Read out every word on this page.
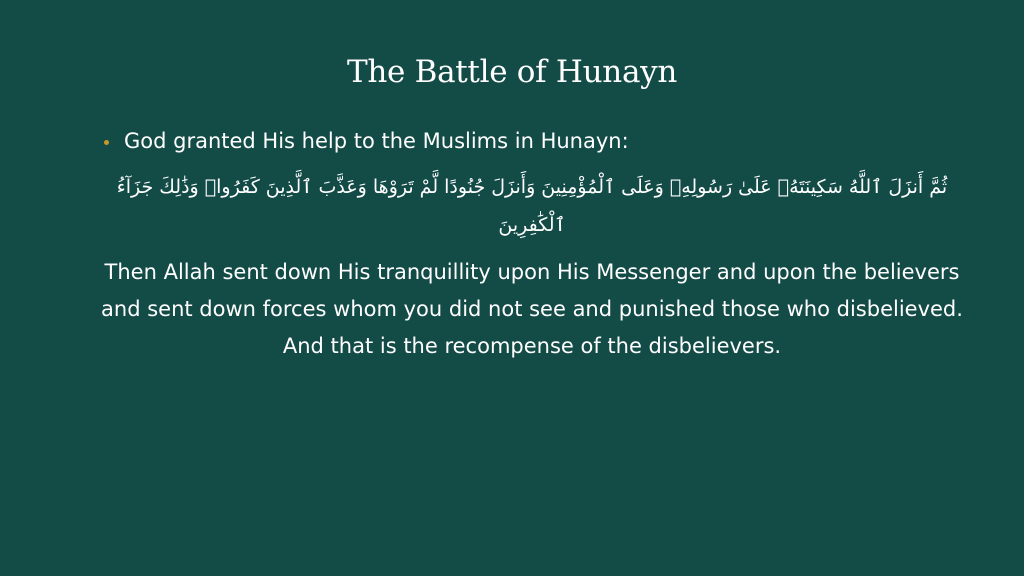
The Battle of Hunayn
God granted His help to the Muslims in Hunayn:
ثُمَّ أَنزَلَ ٱللَّهُ سَكِينَتَهُۥ عَلَىٰ رَسُولِهِۦ وَعَلَى ٱلْمُؤْمِنِينَ وَأَنزَلَ جُنُودًا لَّمْ تَرَوْهَا وَعَذَّبَ ٱلَّذِينَ كَفَرُوا۟ وَذَٰلِكَ جَزَآءُ ٱلْكَٰفِرِينَ
Then Allah sent down His tranquillity upon His Messenger and upon the believers and sent down forces whom you did not see and punished those who disbelieved. And that is the recompense of the disbelievers.
